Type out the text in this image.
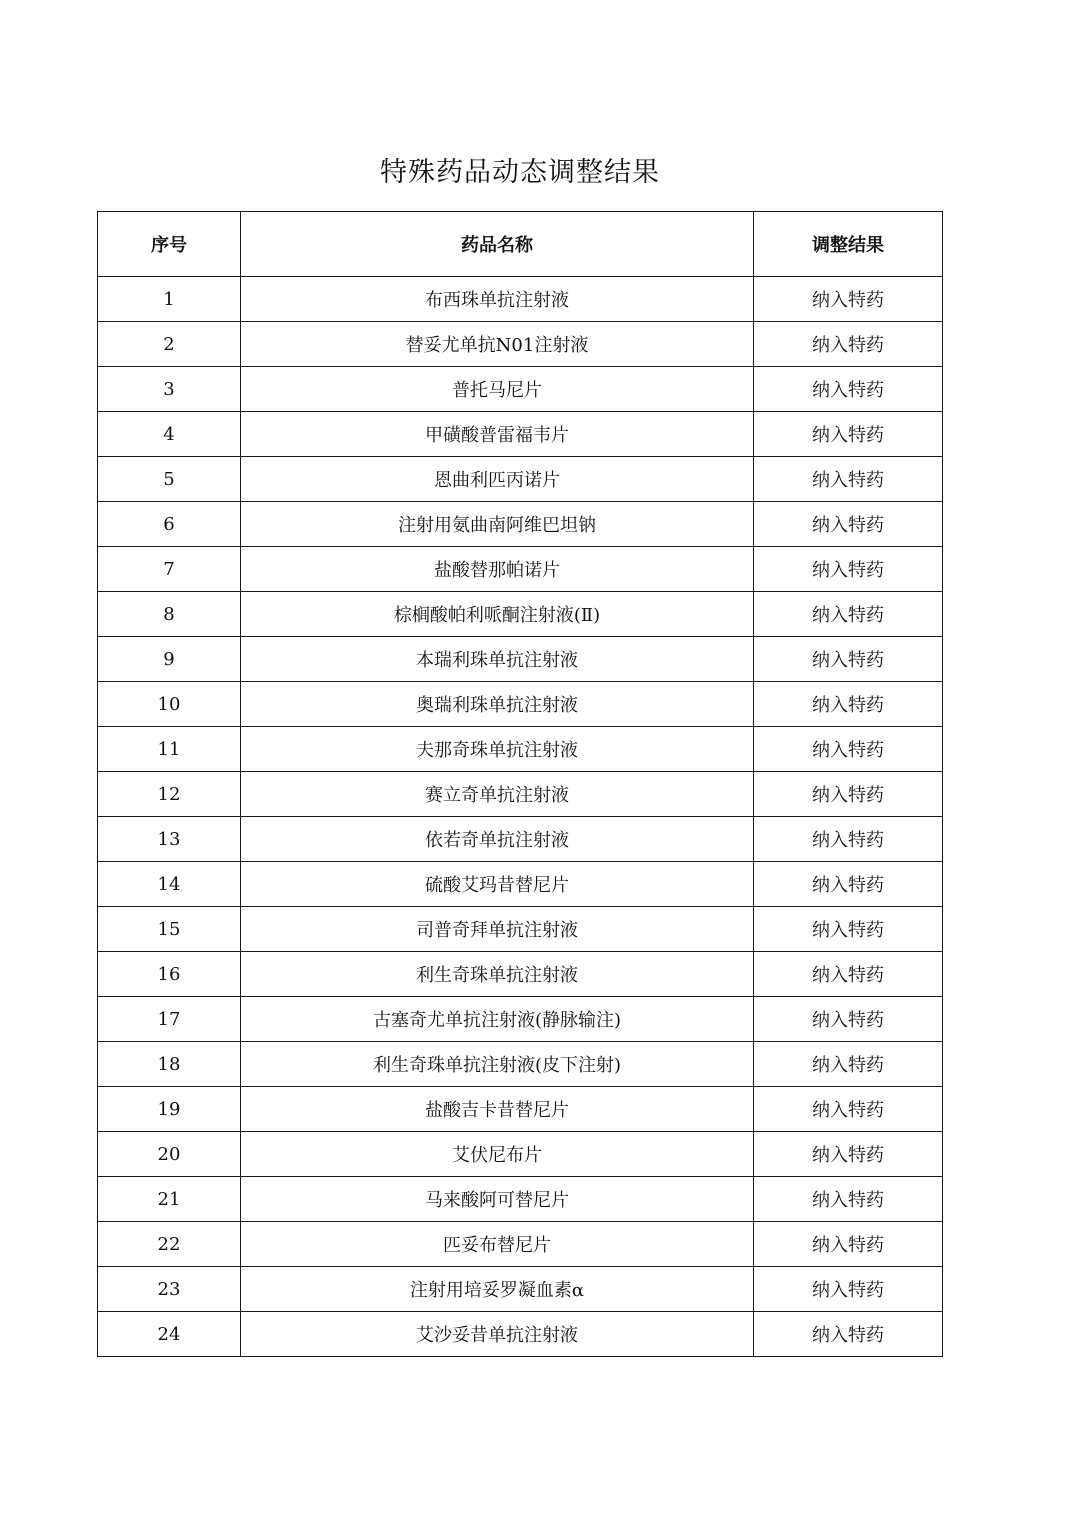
特殊药品动态调整结果
序号	药品名称	调整结果
1	布西珠单抗注射液	纳入特药
2	替妥尤单抗N01注射液	纳入特药
3	普托马尼片	纳入特药
4	甲磺酸普雷福韦片	纳入特药
5	恩曲利匹丙诺片	纳入特药
6	注射用氨曲南阿维巴坦钠	纳入特药
7	盐酸替那帕诺片	纳入特药
8	棕榈酸帕利哌酮注射液(Ⅱ)	纳入特药
9	本瑞利珠单抗注射液	纳入特药
10	奥瑞利珠单抗注射液	纳入特药
11	夫那奇珠单抗注射液	纳入特药
12	赛立奇单抗注射液	纳入特药
13	依若奇单抗注射液	纳入特药
14	硫酸艾玛昔替尼片	纳入特药
15	司普奇拜单抗注射液	纳入特药
16	利生奇珠单抗注射液	纳入特药
17	古塞奇尤单抗注射液(静脉输注)	纳入特药
18	利生奇珠单抗注射液(皮下注射)	纳入特药
19	盐酸吉卡昔替尼片	纳入特药
20	艾伏尼布片	纳入特药
21	马来酸阿可替尼片	纳入特药
22	匹妥布替尼片	纳入特药
23	注射用培妥罗凝血素α	纳入特药
24	艾沙妥昔单抗注射液	纳入特药
